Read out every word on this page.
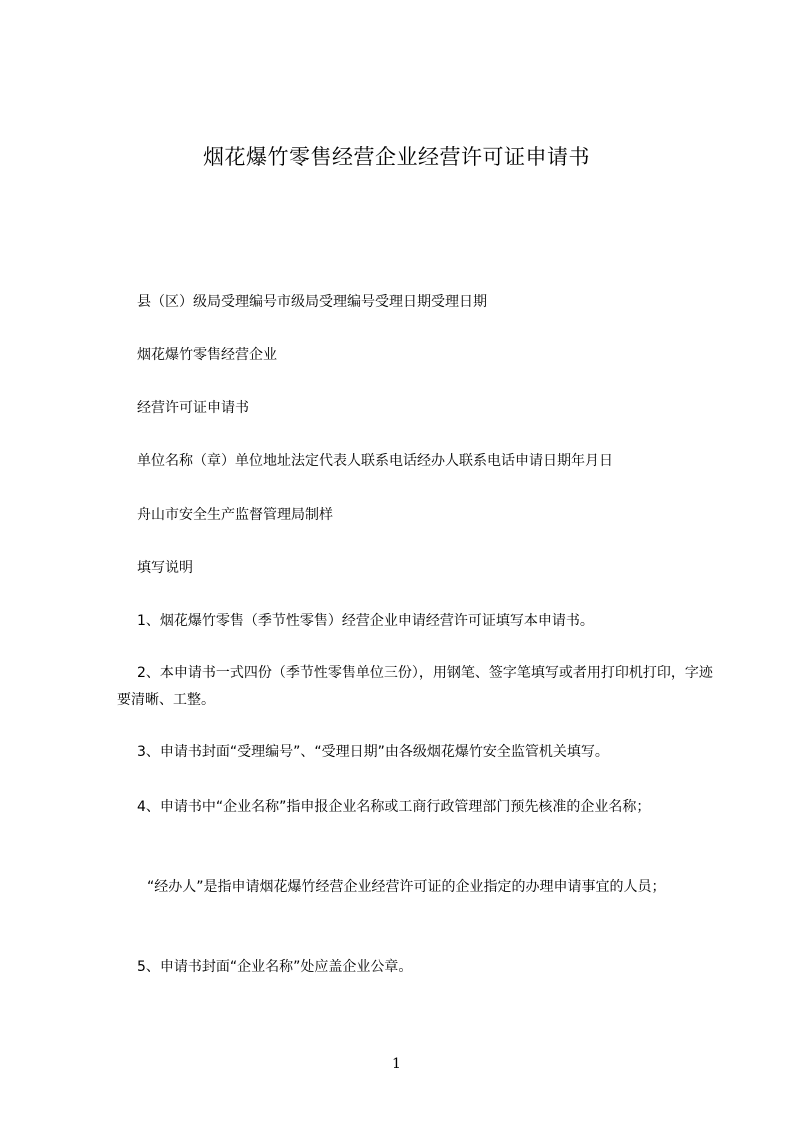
烟花爆竹零售经营企业经营许可证申请书
县（区）级局受理编号市级局受理编号受理日期受理日期
烟花爆竹零售经营企业
经营许可证申请书
单位名称（章）单位地址法定代表人联系电话经办人联系电话申请日期年月日
舟山市安全生产监督管理局制样
填写说明
1、烟花爆竹零售（季节性零售）经营企业申请经营许可证填写本申请书。
2、本申请书一式四份（季节性零售单位三份），用钢笔、签字笔填写或者用打印机打印，字迹要清晰、工整。
3、申请书封面“受理编号”、“受理日期”由各级烟花爆竹安全监管机关填写。
4、申请书中“企业名称”指申报企业名称或工商行政管理部门预先核准的企业名称；
“经办人”是指申请烟花爆竹经营企业经营许可证的企业指定的办理申请事宜的人员；
5、申请书封面“企业名称”处应盖企业公章。
1
